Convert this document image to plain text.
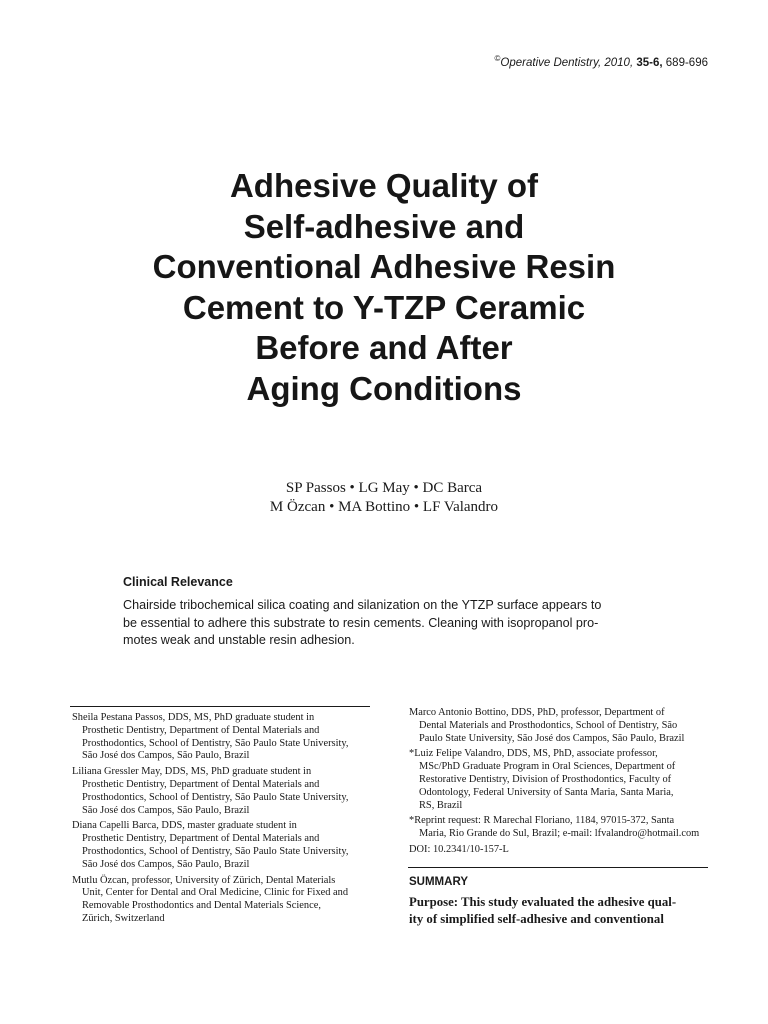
©Operative Dentistry, 2010, 35-6, 689-696
Adhesive Quality of
Self-adhesive and
Conventional Adhesive Resin
Cement to Y-TZP Ceramic
Before and After
Aging Conditions
SP Passos • LG May • DC Barca
M Özcan • MA Bottino • LF Valandro
Clinical Relevance
Chairside tribochemical silica coating and silanization on the YTZP surface appears to
be essential to adhere this substrate to resin cements. Cleaning with isopropanol pro-
motes weak and unstable resin adhesion.
Sheila Pestana Passos, DDS, MS, PhD graduate student in
Prosthetic Dentistry, Department of Dental Materials and
Prosthodontics, School of Dentistry, São Paulo State University,
São José dos Campos, São Paulo, Brazil
Liliana Gressler May, DDS, MS, PhD graduate student in
Prosthetic Dentistry, Department of Dental Materials and
Prosthodontics, School of Dentistry, São Paulo State University,
São José dos Campos, São Paulo, Brazil
Diana Capelli Barca, DDS, master graduate student in
Prosthetic Dentistry, Department of Dental Materials and
Prosthodontics, School of Dentistry, São Paulo State University,
São José dos Campos, São Paulo, Brazil
Mutlu Özcan, professor, University of Zürich, Dental Materials
Unit, Center for Dental and Oral Medicine, Clinic for Fixed and
Removable Prosthodontics and Dental Materials Science,
Zürich, Switzerland
Marco Antonio Bottino, DDS, PhD, professor, Department of
Dental Materials and Prosthodontics, School of Dentistry, São
Paulo State University, São José dos Campos, São Paulo, Brazil
*Luiz Felipe Valandro, DDS, MS, PhD, associate professor,
MSc/PhD Graduate Program in Oral Sciences, Department of
Restorative Dentistry, Division of Prosthodontics, Faculty of
Odontology, Federal University of Santa Maria, Santa Maria,
RS, Brazil
*Reprint request: R Marechal Floriano, 1184, 97015-372, Santa
Maria, Rio Grande do Sul, Brazil; e-mail: lfvalandro@hotmail.com
DOI: 10.2341/10-157-L
SUMMARY
Purpose: This study evaluated the adhesive qual-
ity of simplified self-adhesive and conventional
